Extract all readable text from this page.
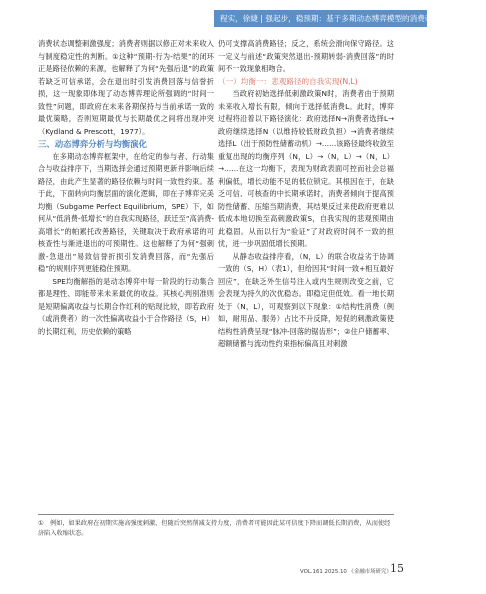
程实，徐婕 | 强起步，稳预期：基于多期动态博弈模型的消费刺激与财政可持续

消费状态调整刺激强度；消费者则据以修正对未来收入与制度稳定性的判断。①这种“预期-行为-结果”的闭环正是路径依赖的来源，也解释了为何“先强后退”的政策若缺乏可信承诺，会在退出时引发消费回落与信誉折损，这一现象即体现了动态博弈理论所强调的“时间一致性”问题，即政府在未来各期保持与当前承诺一致的最优策略，否则短期最优与长期最优之间将出现冲突（Kydland & Prescott，1977）。

三、动态博弈分析与均衡演化

在多期动态博弈框架中，在给定的参与者、行动集合与收益排序下，当期选择会通过预期更新并影响后续路径，由此产生显著的路径依赖与时间一致性约束。基于此，下面转向均衡层面的演化逻辑，即在子博弈完美均衡（Subgame Perfect Equilibrium，SPE）下，如何从“低消费-低增长”的自我实现路径，跃迁至“高消费-高增长”的帕累托改善路径，关键取决于政府承诺的可核查性与渐进退出的可预期性。这也解释了为何“强刺激-急退出”易致信誉折损引发消费回落，而“先强后稳”的规则序列更能稳住预期。

SPE均衡解指的是动态博弈中每一阶段的行动集合都是理性、即能带来未来最优的收益。其核心判别准则是短期偏离收益与长期合作红利的贴现比较，即若政府（或消费者）的一次性偏离收益小于合作路径（S，H）的长期红利，历史依赖的策略

仍可支撑高消费路径；反之，系统会滑向保守路径。这一定义与前述“政策突然退出-预期转弱-消费回落”的时间不一致现象相吻合。

（一）均衡一：悲观路径的自我实现(N,L)

当政府初始选择低刺激政策N时，消费者由于预期未来收入增长有限，倾向于选择低消费L。此时，博弈过程将沿着以下路径演化：政府选择N→消费者选择L→政府继续选择N（以维持较低财政负担）→消费者继续选择L（出于预防性储蓄动机）→……该路径最终收敛至重复出现的均衡序列（N，L）→（N，L）→（N，L）→……在这一均衡下，表现为财政表面可控而社会总福利偏低，增长动能不足的低位锁定。其根因在于，在缺乏可信、可核查的中长期承诺时，消费者倾向于提高预防性储蓄、压缩当期消费，其结果反过来使政府更难以低成本地切换至高刺激政策S，自我实现的悲观预期由此稳固。从而以行为“验证”了对政府时间不一致的担忧，进一步巩固低增长预期。

从静态收益排序看，（N，L）的联合收益劣于协调一致的（S，H）（表1），但给因其“时间一致+相互最好回应”，在缺乏外生信号注入或内生规则改变之前，它会表现为持久的次优稳态。即稳定但低效。看一地长期处于（N，L），可观察到以下现象：①结构性消费（例如，耐用品、服务）占比不升反降，短促的刺激政策使结构性消费呈现“脉冲-回落的锯齿形”；②住户储蓄率、超额储蓄与流动性约束指标偏高且对刺激

① 例如，如果政府在初期实施高强度刺激，但随后突然削减支持力度，消费者可能因此某可信度下降而调低长期消费，从而使经济陷入收缩状态。
VOL.161 2025.10 《金融市场研究》
15
